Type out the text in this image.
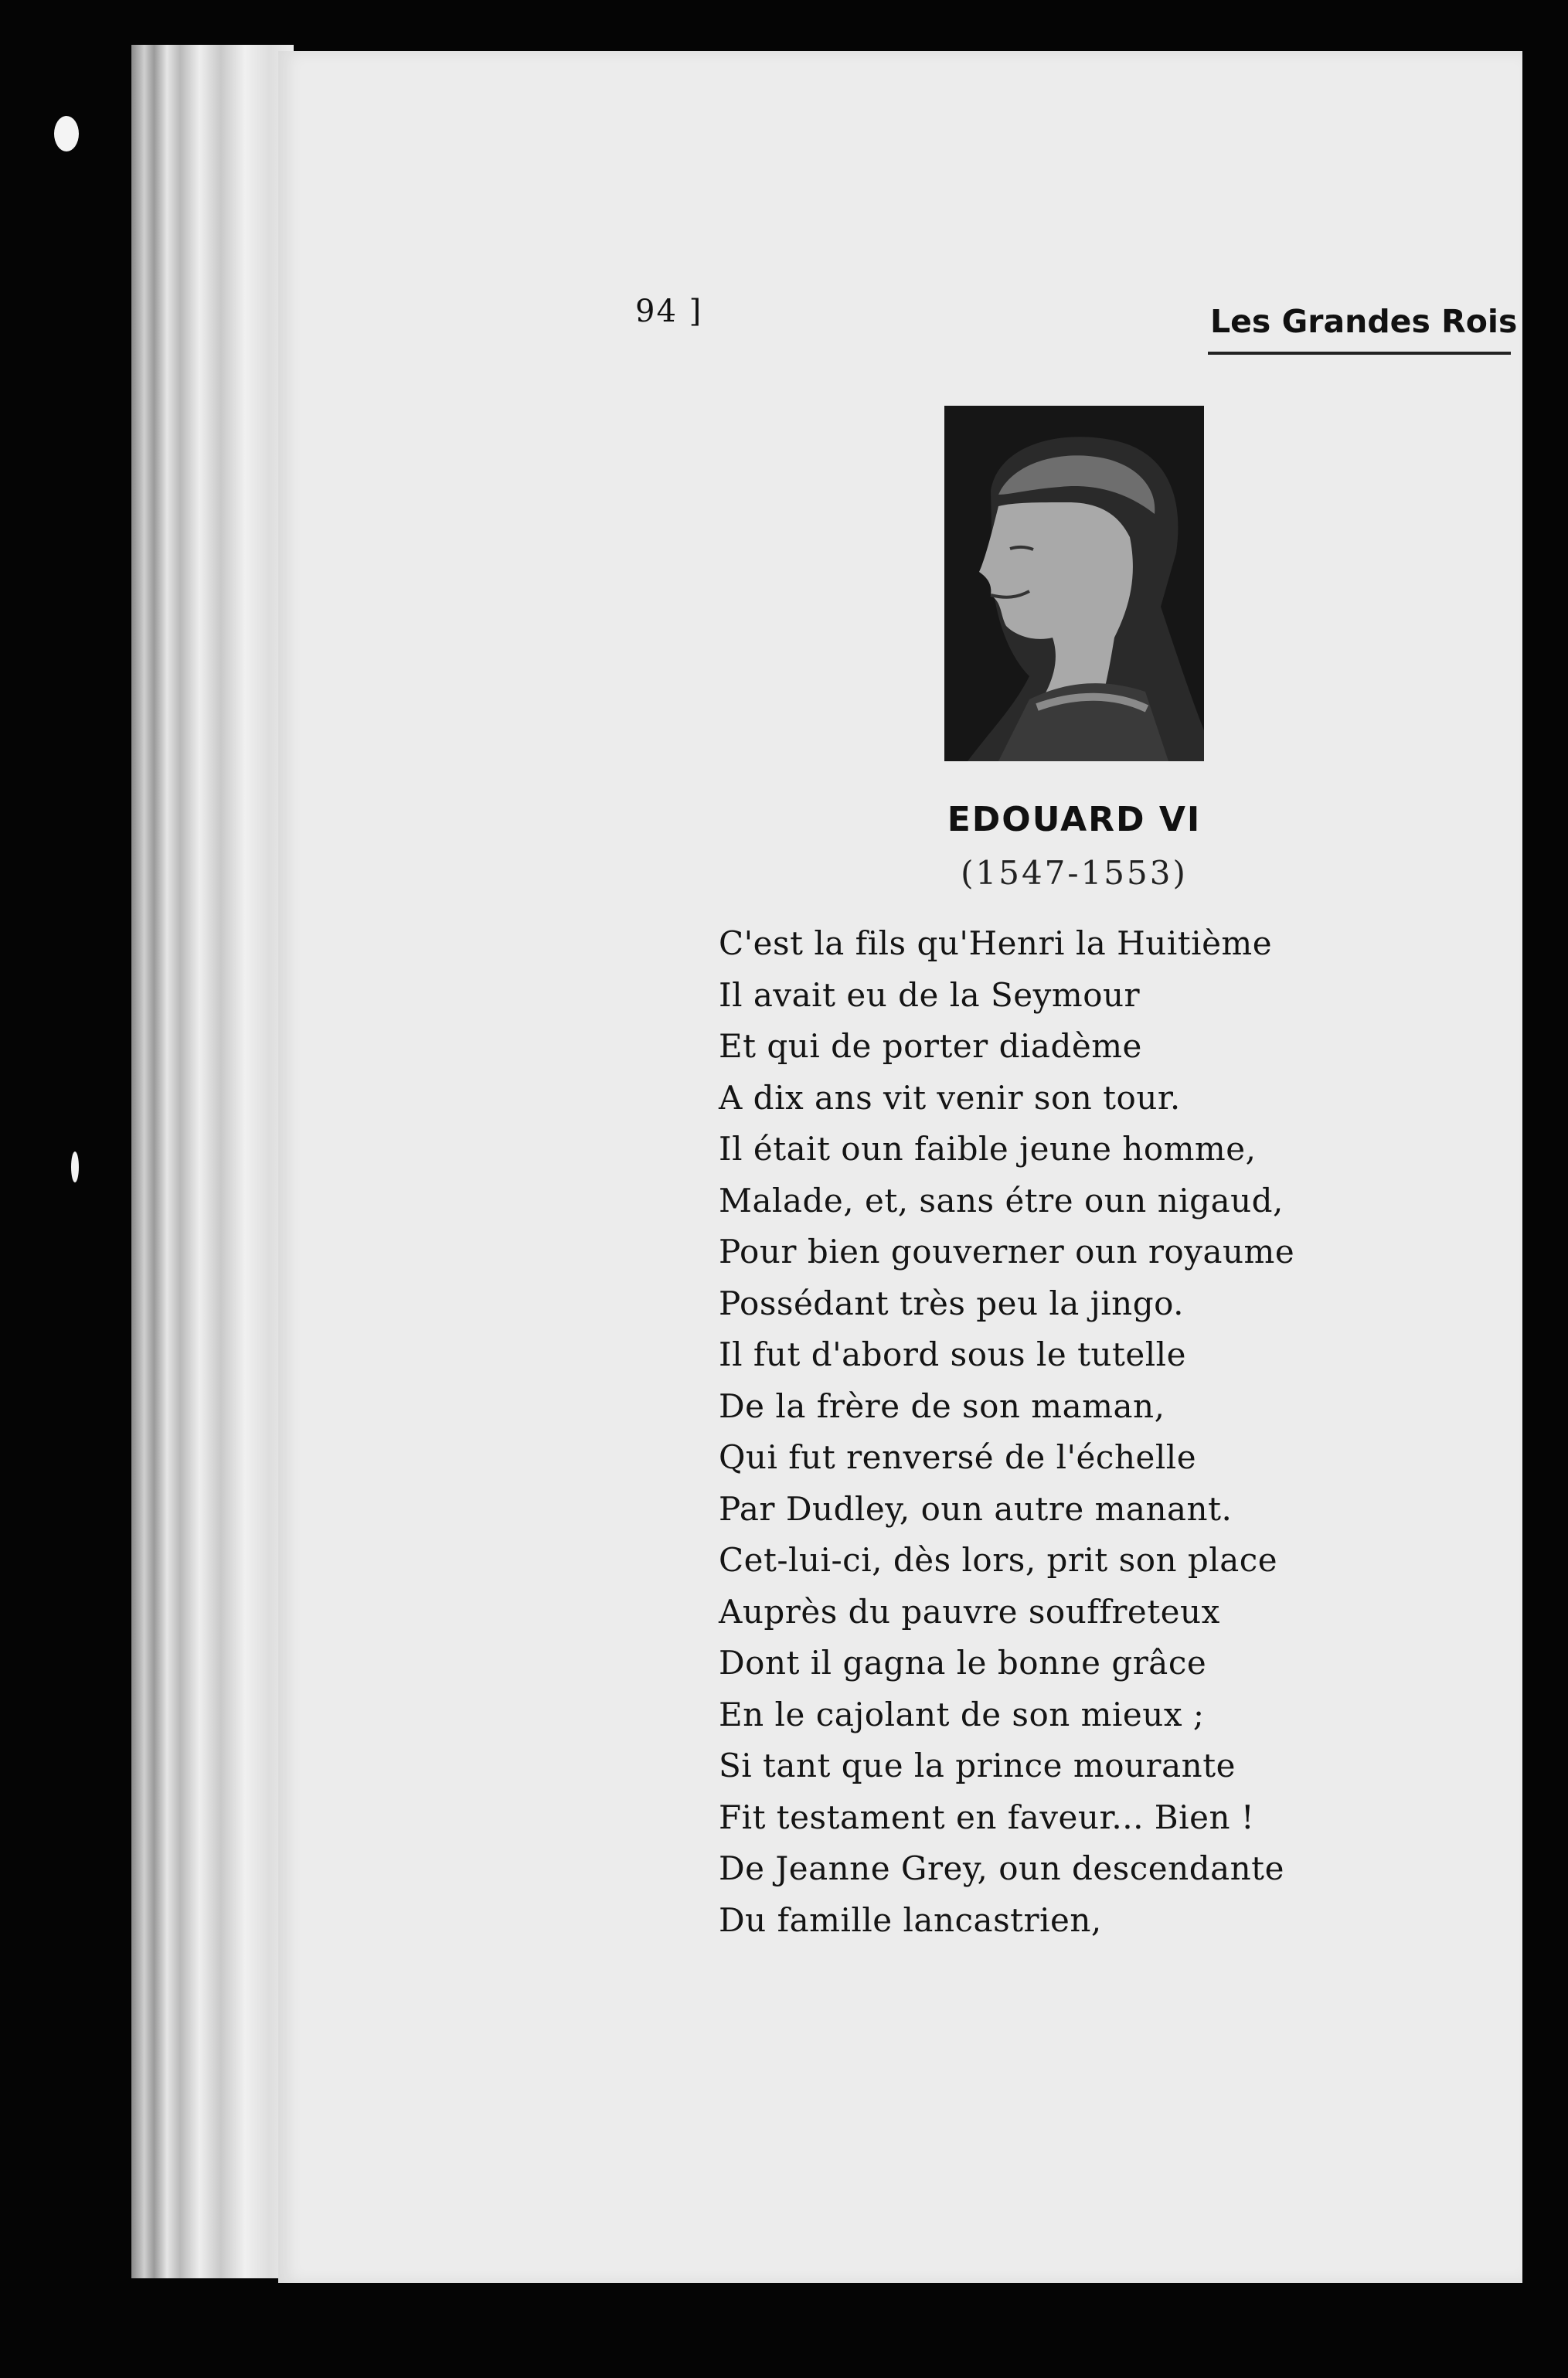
94 ]	Les Grandes Rois
EDOUARD VI
(1547-1553)
C'est la fils qu'Henri la Huitième
Il avait eu de la Seymour
Et qui de porter diadème
A dix ans vit venir son tour.
Il était oun faible jeune homme,
Malade, et, sans étre oun nigaud,
Pour bien gouverner oun royaume
Possédant très peu la jingo.
Il fut d'abord sous le tutelle
De la frère de son maman,
Qui fut renversé de l'échelle
Par Dudley, oun autre manant.
Cet-lui-ci, dès lors, prit son place
Auprès du pauvre souffreteux
Dont il gagna le bonne grâce
En le cajolant de son mieux ;
Si tant que la prince mourante
Fit testament en faveur... Bien !
De Jeanne Grey, oun descendante
Du famille lancastrien,
